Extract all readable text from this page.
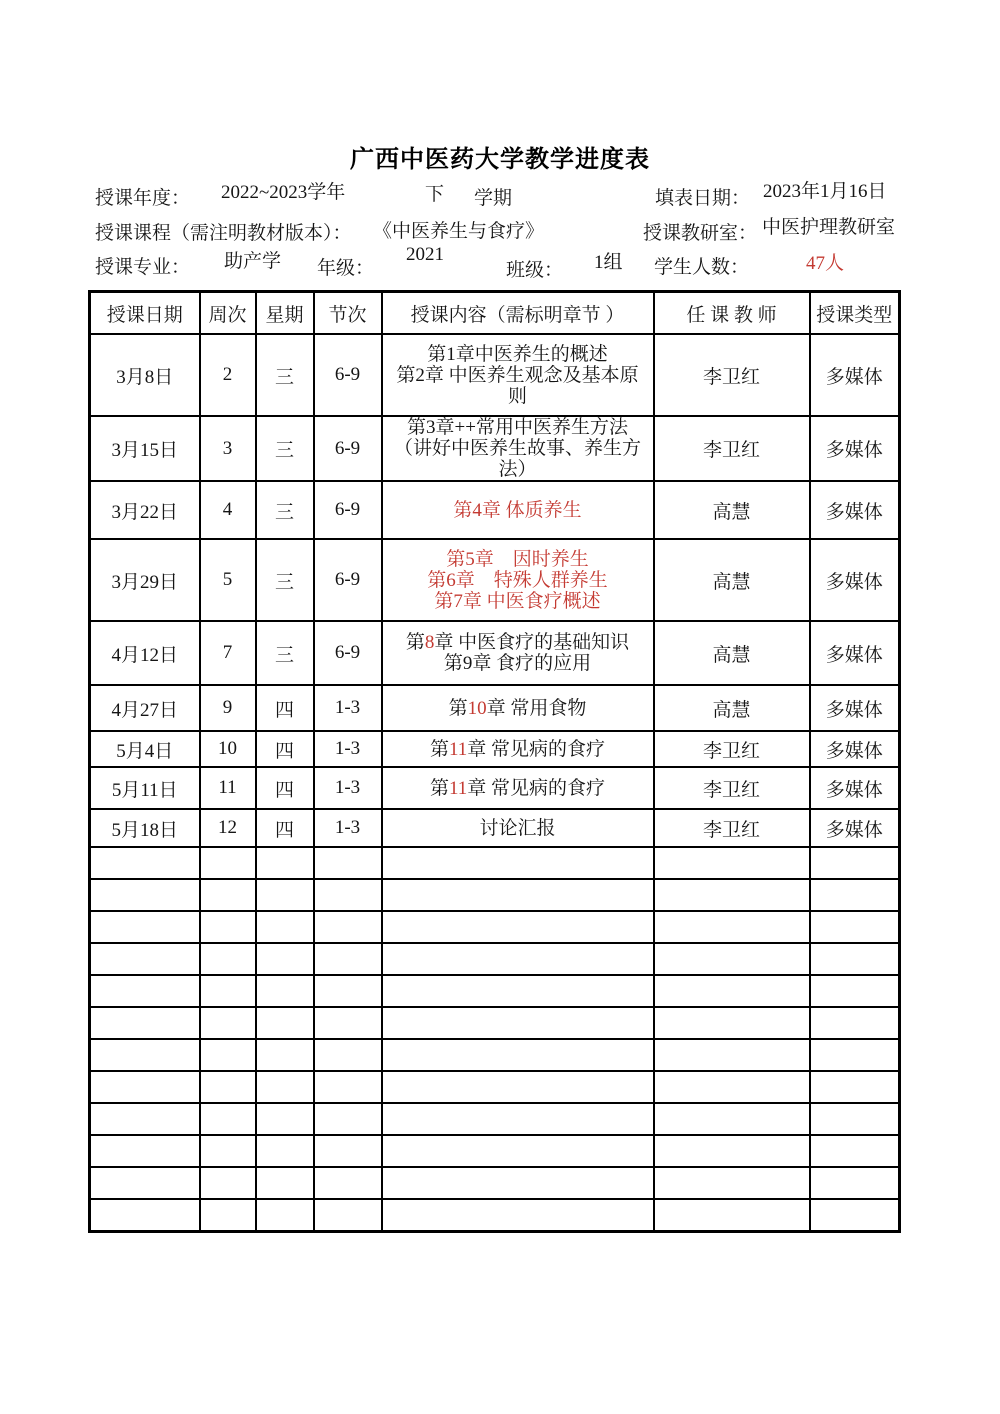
广西中医药大学教学进度表
授课年度： 2022~2023学年	下 学期	填表日期： 2023年1月16日
授课课程（需注明教材版本）： 《中医养生与食疗》	授课教研室： 中医护理教研室
授课专业： 助产学 年级：
2021
班级： 1组 学生人数：	47人
授课日期	周次	星期	节次	授课内容（需标明章节 ）	任 课 教 师	授课类型
3月8日	2	三	6-9	第1章中医养生的概述
第2章 中医养生观念及基本原
则	李卫红	多媒体
3月15日	3	三	6-9	第3章++常用中医养生方法
（讲好中医养生故事、养生方
法）	李卫红	多媒体
3月22日	4	三	6-9	第4章 体质养生	高慧	多媒体
3月29日	5	三	6-9	第5章　因时养生
第6章　特殊人群养生
第7章 中医食疗概述	高慧	多媒体
4月12日	7	三	6-9	第8章 中医食疗的基础知识
第9章 食疗的应用	高慧	多媒体
4月27日	9	四	1-3	第10章 常用食物	高慧	多媒体
5月4日	10	四	1-3	第11章 常见病的食疗	李卫红	多媒体
5月11日	11	四	1-3	第11章 常见病的食疗	李卫红	多媒体
5月18日	12	四	1-3	讨论汇报	李卫红	多媒体
